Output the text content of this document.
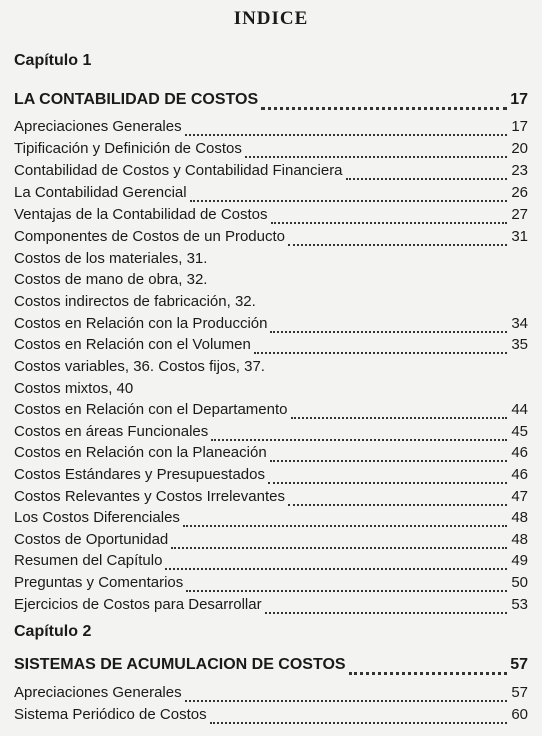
INDICE
Capítulo 1
LA CONTABILIDAD DE COSTOS	17
Apreciaciones Generales	17
Tipificación y Definición de Costos	20
Contabilidad de Costos y Contabilidad Financiera	23
La Contabilidad Gerencial	26
Ventajas de la Contabilidad de Costos	27
Componentes de Costos de un Producto	31
Costos de los materiales, 31.
Costos de mano de obra, 32.
Costos indirectos de fabricación, 32.
Costos en Relación con la Producción	34
Costos en Relación con el Volumen	35
Costos variables, 36. Costos fijos, 37.
Costos mixtos, 40
Costos en Relación con el Departamento	44
Costos en áreas Funcionales	45
Costos en Relación con la Planeación	46
Costos Estándares y Presupuestados	46
Costos Relevantes y Costos Irrelevantes	47
Los Costos Diferenciales	48
Costos de Oportunidad	48
Resumen del Capítulo	49
Preguntas y Comentarios	50
Ejercicios de Costos para Desarrollar	53
Capítulo 2
SISTEMAS DE ACUMULACION DE COSTOS	57
Apreciaciones Generales	57
Sistema Periódico de Costos	60
